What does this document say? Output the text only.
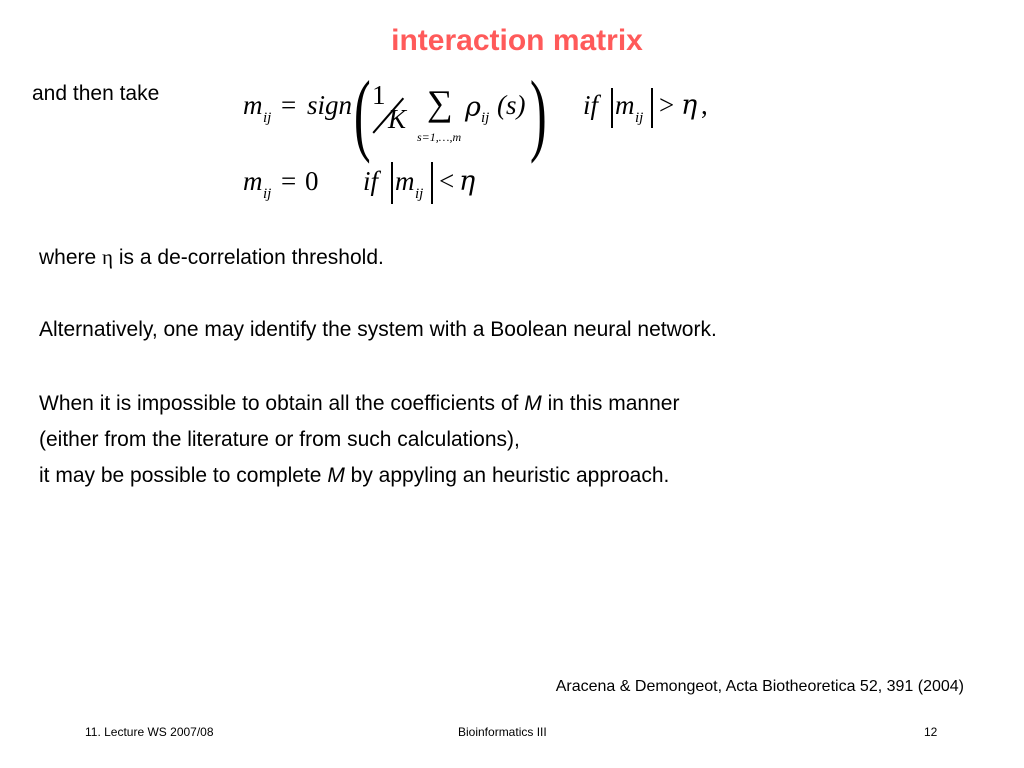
interaction matrix
and then take	m ij = sign ( 1
K ∑
s=1,…,m
ρ ij (s) ) if m ij > η ,
m ij = 0 if m ij < η
where η is a de-correlation threshold.
Alternatively, one may identify the system with a Boolean neural network.
When it is impossible to obtain all the coefficients of M in this manner
(either from the literature or from such calculations),
it may be possible to complete M by appyling an heuristic approach.
Aracena & Demongeot, Acta Biotheoretica 52, 391 (2004)
11. Lecture WS 2007/08	Bioinformatics III	12
